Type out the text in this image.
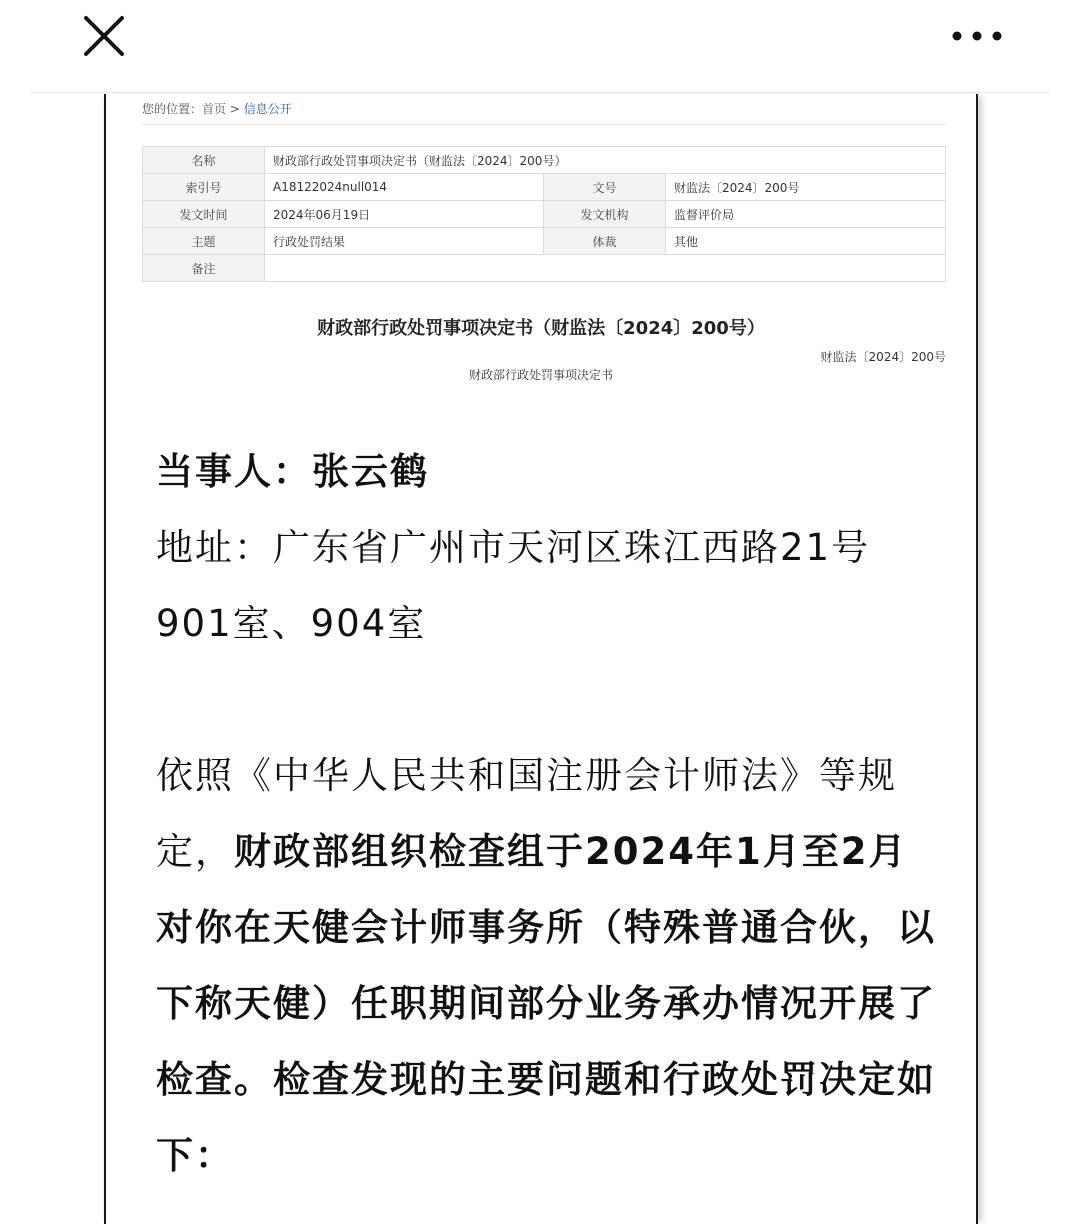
您的位置：首页 > 信息公开
名称	财政部行政处罚事项决定书（财监法〔2024〕200号）		
索引号	A18122024null014	文号	财监法〔2024〕200号
发文时间	2024年06月19日	发文机构	监督评价局
主题	行政处罚结果	体裁	其他
备注			
财政部行政处罚事项决定书（财监法〔2024〕200号）
财监法〔2024〕200号
财政部行政处罚事项决定书
当事人：张云鹤
地址：广东省广州市天河区珠江西路21号
901室、904室
依照《中华人民共和国注册会计师法》等规定，财政部组织检查组于2024年1月至2月对你在天健会计师事务所（特殊普通合伙，以下称天健）任职期间部分业务承办情况开展了检查。检查发现的主要问题和行政处罚决定如下：
